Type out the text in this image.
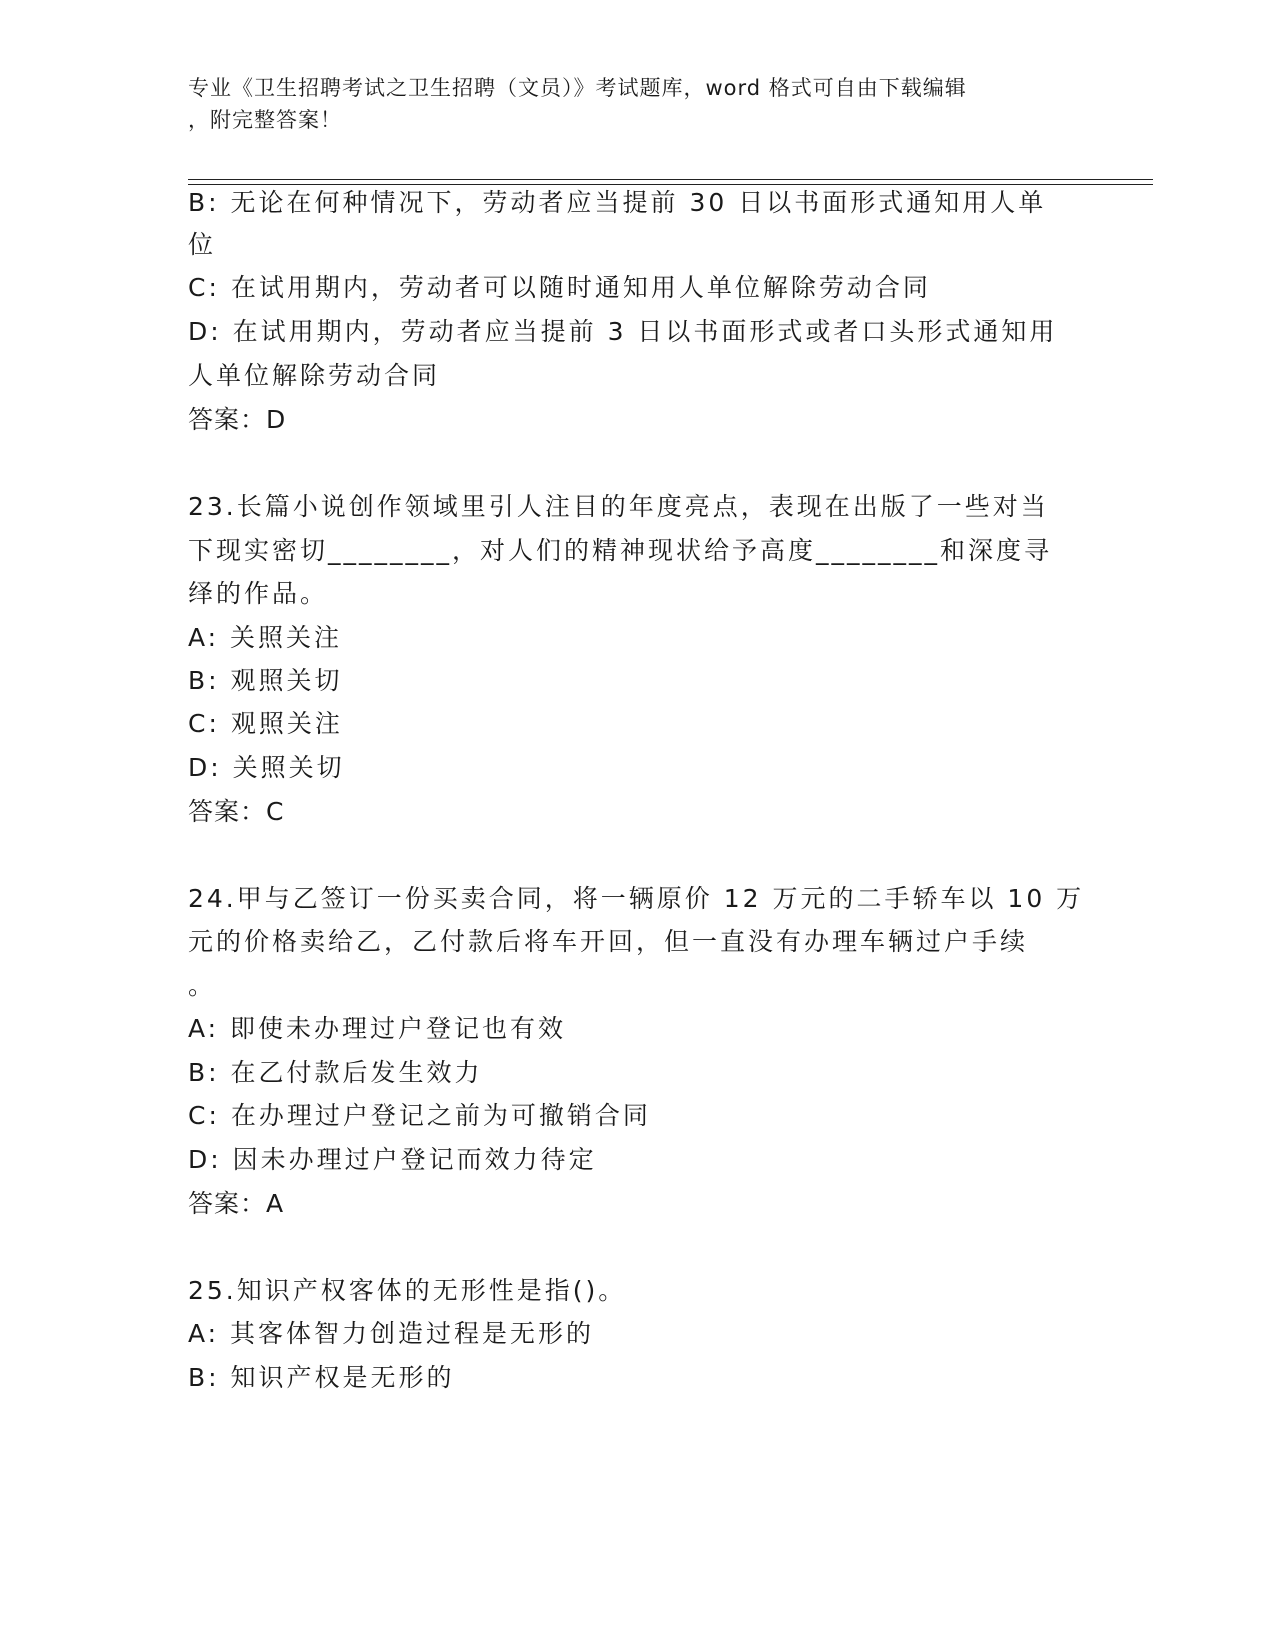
专业《卫生招聘考试之卫生招聘（文员）》考试题库，word 格式可自由下载编辑
，附完整答案！
B: 无论在何种情况下，劳动者应当提前 30 日以书面形式通知用人单
位
C: 在试用期内，劳动者可以随时通知用人单位解除劳动合同
D: 在试用期内，劳动者应当提前 3 日以书面形式或者口头形式通知用
人单位解除劳动合同
答案：D
23.长篇小说创作领域里引人注目的年度亮点，表现在出版了一些对当
下现实密切________，对人们的精神现状给予高度________和深度寻
绎的作品。
A: 关照关注
B: 观照关切
C: 观照关注
D: 关照关切
答案：C
24.甲与乙签订一份买卖合同，将一辆原价 12 万元的二手轿车以 10 万
元的价格卖给乙，乙付款后将车开回，但一直没有办理车辆过户手续
。
A: 即使未办理过户登记也有效
B: 在乙付款后发生效力
C: 在办理过户登记之前为可撤销合同
D: 因未办理过户登记而效力待定
答案：A
25.知识产权客体的无形性是指()。
A: 其客体智力创造过程是无形的
B: 知识产权是无形的
